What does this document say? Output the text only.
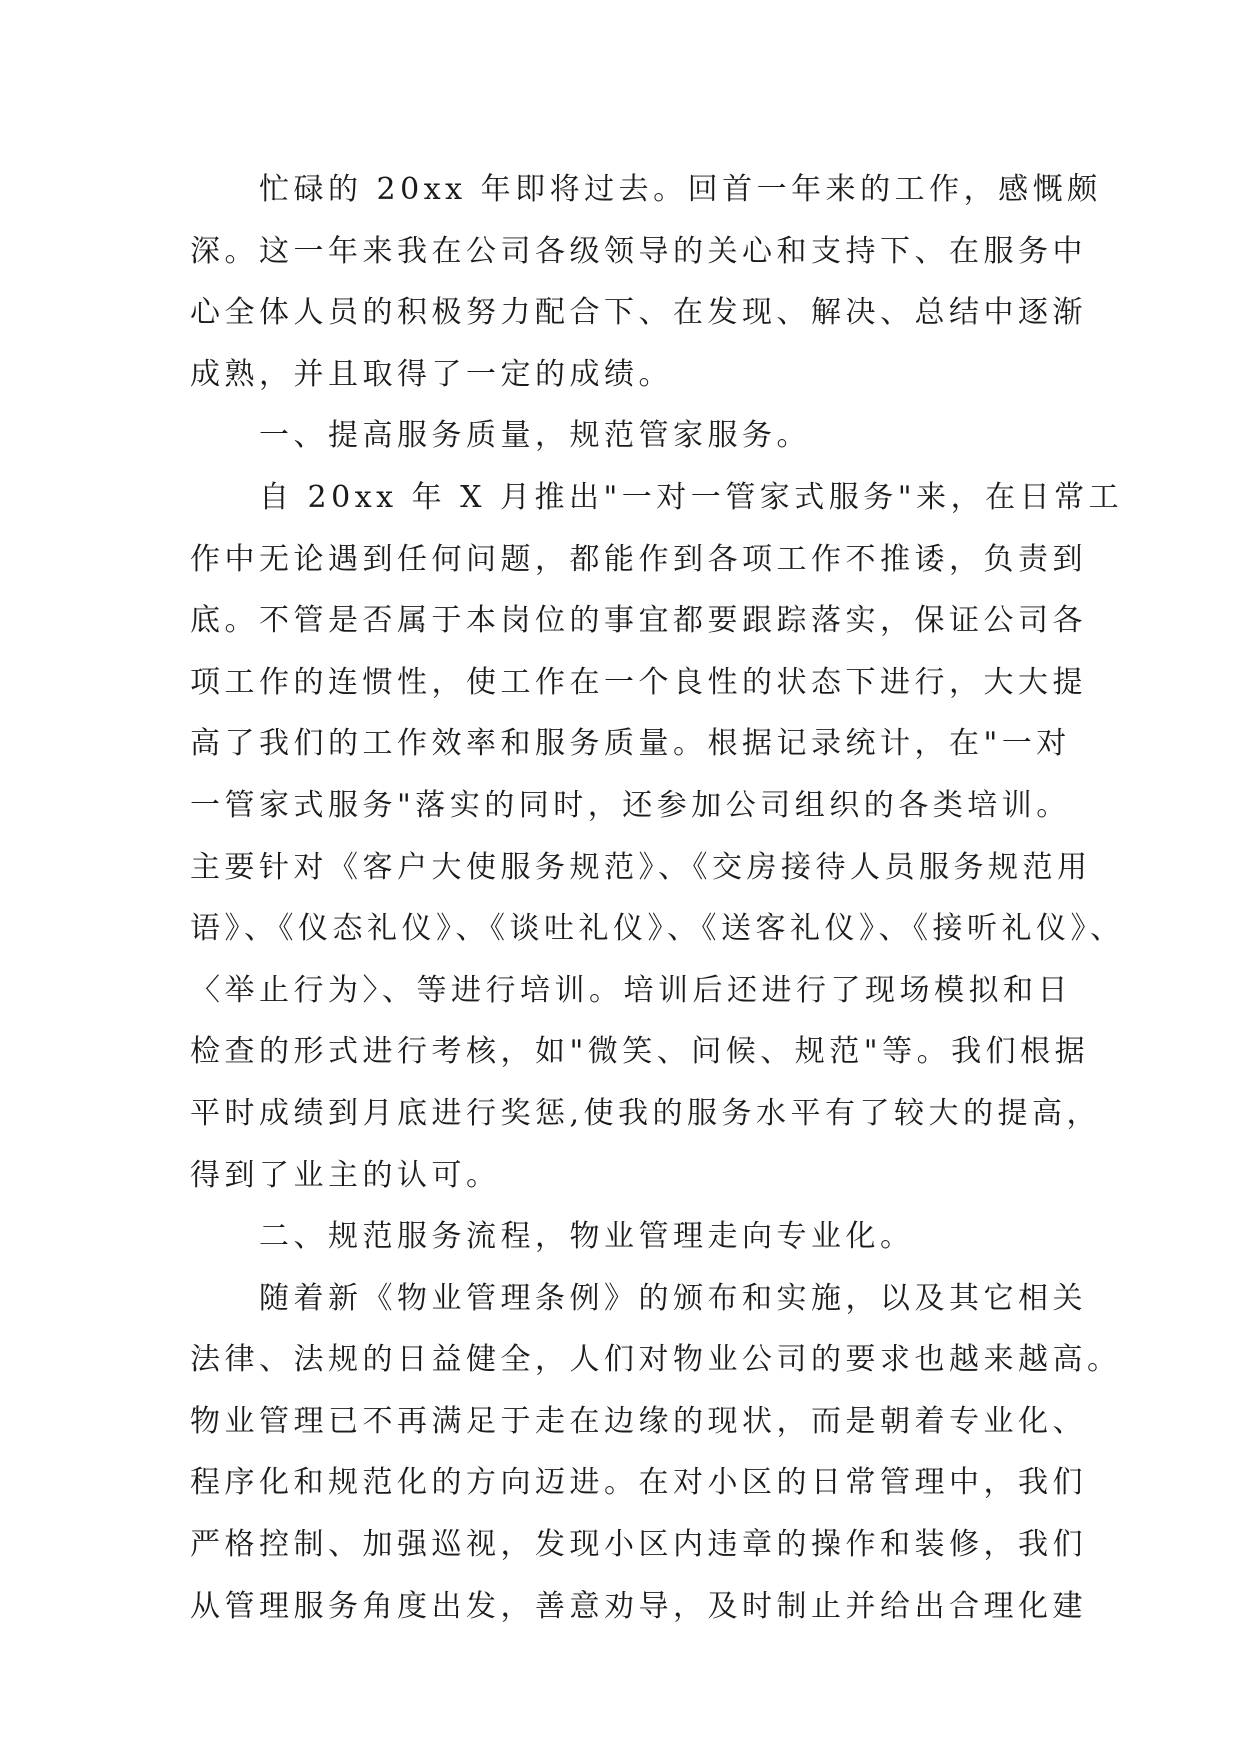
忙碌的 20xx 年即将过去。回首一年来的工作，感慨颇
深。这一年来我在公司各级领导的关心和支持下、在服务中
心全体人员的积极努力配合下、在发现、解决、总结中逐渐
成熟，并且取得了一定的成绩。
一、提高服务质量，规范管家服务。
自 20xx 年 X 月推出"一对一管家式服务"来，在日常工
作中无论遇到任何问题，都能作到各项工作不推诿，负责到
底。不管是否属于本岗位的事宜都要跟踪落实，保证公司各
项工作的连惯性，使工作在一个良性的状态下进行，大大提
高了我们的工作效率和服务质量。根据记录统计，在"一对
一管家式服务"落实的同时，还参加公司组织的各类培训。
主要针对《客户大使服务规范》、《交房接待人员服务规范用
语》、《仪态礼仪》、《谈吐礼仪》、《送客礼仪》、《接听礼仪》、
〈举止行为〉、等进行培训。培训后还进行了现场模拟和日
检查的形式进行考核，如"微笑、问候、规范"等。我们根据
平时成绩到月底进行奖惩,使我的服务水平有了较大的提高，
得到了业主的认可。
二、规范服务流程，物业管理走向专业化。
随着新《物业管理条例》的颁布和实施，以及其它相关
法律、法规的日益健全，人们对物业公司的要求也越来越高。
物业管理已不再满足于走在边缘的现状，而是朝着专业化、
程序化和规范化的方向迈进。在对小区的日常管理中，我们
严格控制、加强巡视，发现小区内违章的操作和装修，我们
从管理服务角度出发，善意劝导，及时制止并给出合理化建
